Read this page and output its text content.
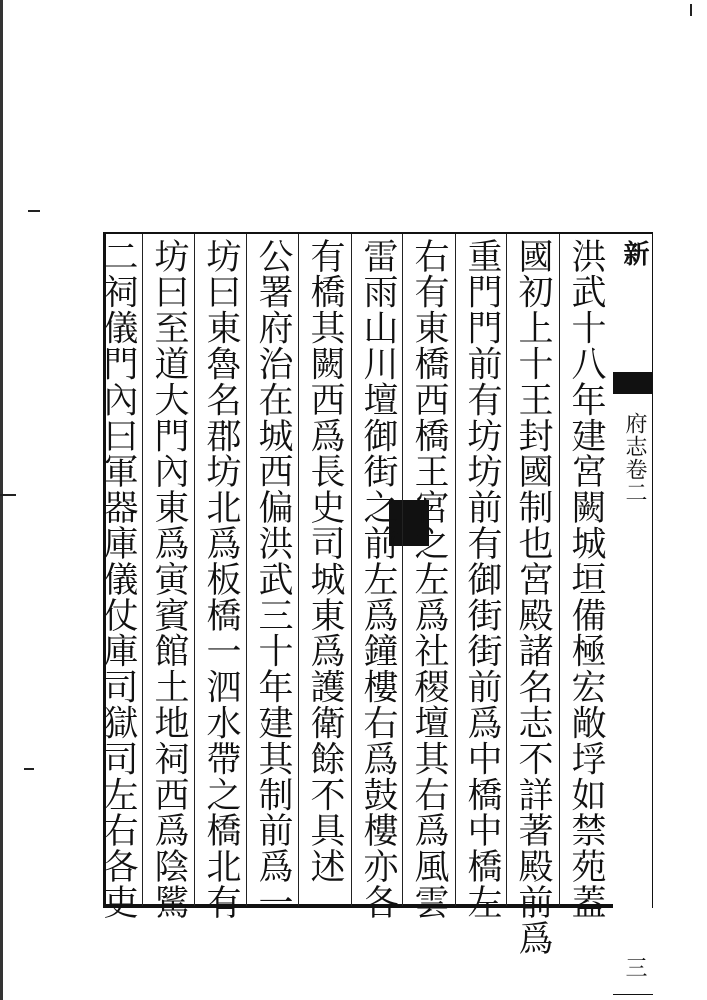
洪武十八年建宮闕城垣備極宏敞垺如禁苑蓋
國初上十王封國制也宮殿諸名志不詳著殿前爲
重門門前有坊坊前有御街街前爲中橋中橋左
右有東橋西橋王宮之左爲社稷壇其右爲風雲
雷雨山川壇御街之前左爲鐘樓右爲鼓樓亦各
有橋其闕西爲長史司城東爲護衛餘不具述
公署府治在城西偏洪武三十年建其制前爲一
坊曰東魯名郡坊北爲板橋一泗水帶之橋北有
坊曰至道大門內東爲寅賓館土地祠西爲陰騭
二祠儀門內曰軍器庫儀仗庫司獄司左右各吏	新
府志卷二
三
